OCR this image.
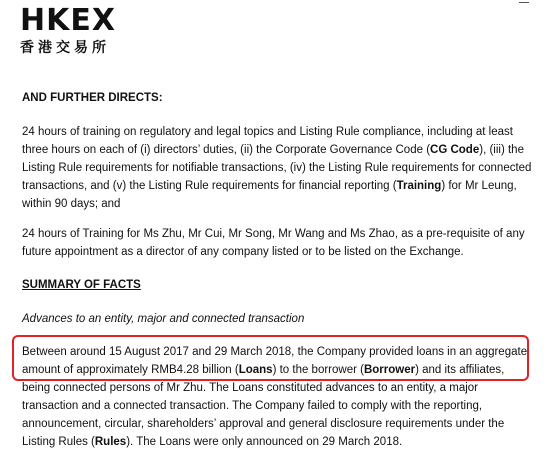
HKEX
香港交易所

AND FURTHER DIRECTS:

24 hours of training on regulatory and legal topics and Listing Rule compliance, including at least three hours on each of (i) directors’ duties, (ii) the Corporate Governance Code (CG Code), (iii) the Listing Rule requirements for notifiable transactions, (iv) the Listing Rule requirements for connected transactions, and (v) the Listing Rule requirements for financial reporting (Training) for Mr Leung, within 90 days; and

24 hours of Training for Ms Zhu, Mr Cui, Mr Song, Mr Wang and Ms Zhao, as a pre-requisite of any future appointment as a director of any company listed or to be listed on the Exchange.

SUMMARY OF FACTS

Advances to an entity, major and connected transaction

Between around 15 August 2017 and 29 March 2018, the Company provided loans in an aggregate amount of approximately RMB4.28 billion (Loans) to the borrower (Borrower) and its affiliates, being connected persons of Mr Zhu. The Loans constituted advances to an entity, a major transaction and a connected transaction. The Company failed to comply with the reporting, announcement, circular, shareholders’ approval and general disclosure requirements under the Listing Rules (Rules). The Loans were only announced on 29 March 2018.
